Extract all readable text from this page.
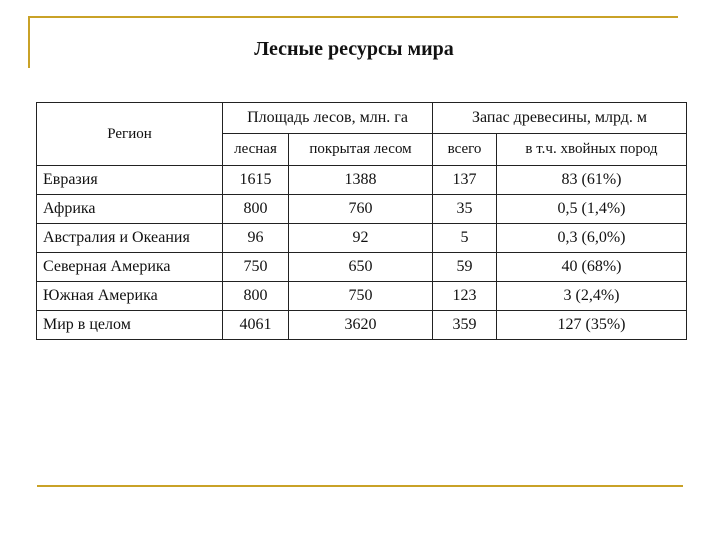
Лесные ресурсы мира
Регион	Площадь лесов, млн. га		Запас древесины, млрд. м	
	лесная	покрытая лесом	всего	в т.ч. хвойных пород
Евразия	1615	1388	137	83 (61%)
Африка	800	760	35	0,5 (1,4%)
Австралия и Океания	96	92	5	0,3 (6,0%)
Северная Америка	750	650	59	40 (68%)
Южная Америка	800	750	123	3 (2,4%)
Мир в целом	4061	3620	359	127 (35%)
